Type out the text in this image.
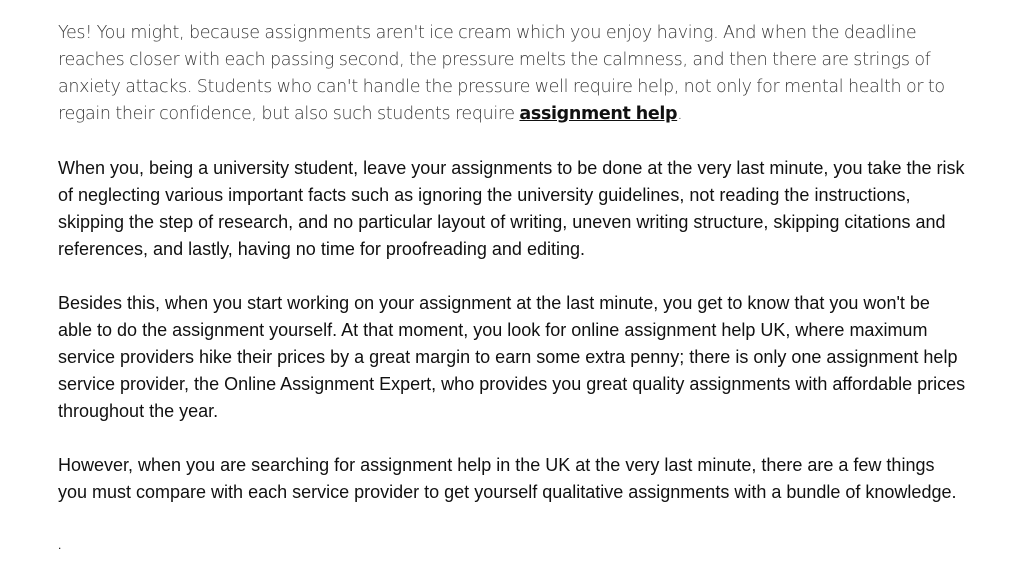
Yes! You might, because assignments aren't ice cream which you enjoy having. And when the deadline reaches closer with each passing second, the pressure melts the calmness, and then there are strings of anxiety attacks. Students who can't handle the pressure well require help, not only for mental health or to regain their confidence, but also such students require assignment help.

When you, being a university student, leave your assignments to be done at the very last minute, you take the risk of neglecting various important facts such as ignoring the university guidelines, not reading the instructions, skipping the step of research, and no particular layout of writing, uneven writing structure, skipping citations and references, and lastly, having no time for proofreading and editing.

Besides this, when you start working on your assignment at the last minute, you get to know that you won't be able to do the assignment yourself. At that moment, you look for online assignment help UK, where maximum service providers hike their prices by a great margin to earn some extra penny; there is only one assignment help service provider, the Online Assignment Expert, who provides you great quality assignments with affordable prices throughout the year.

However, when you are searching for assignment help in the UK at the very last minute, there are a few things you must compare with each service provider to get yourself qualitative assignments with a bundle of knowledge.

.
